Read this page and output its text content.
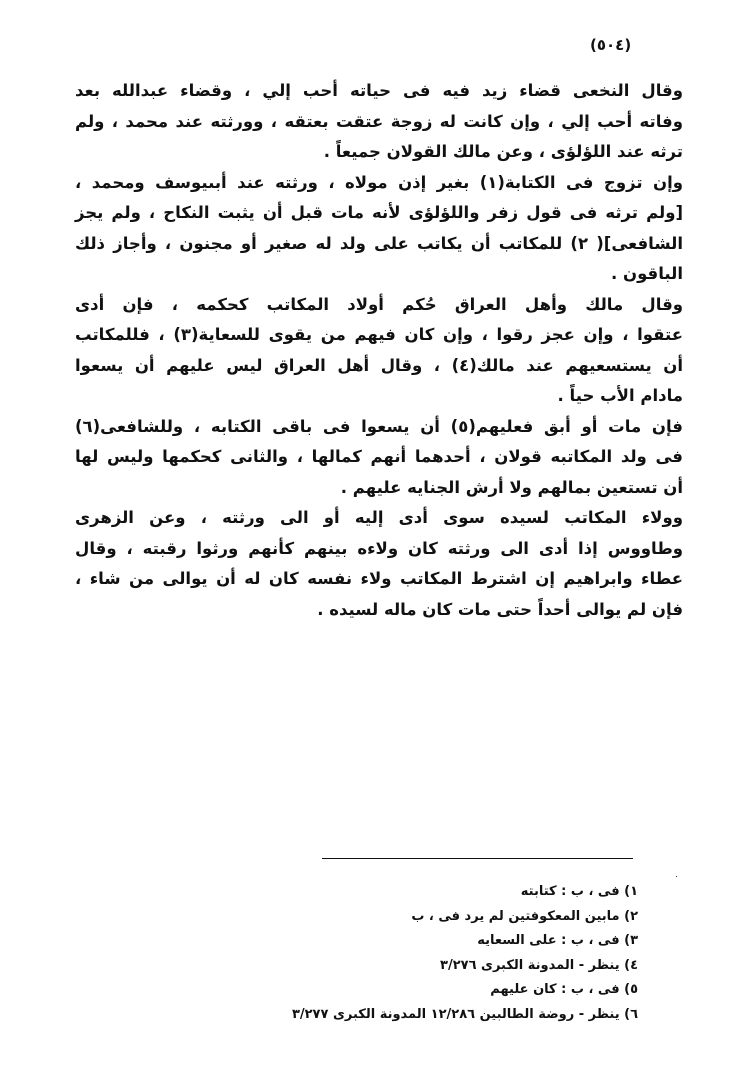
(٥٠٤)

وقال النخعى قضاء زيد فيه فى حياته أحب إلي ، وقضاء عبدالله بعد
وفاته أحب إلي ، وإن كانت له زوجة عتقت بعتقه ، وورثته عند محمد ، ولم
ترثه عند اللؤلؤى ، وعن مالك القولان جميعاً .

وإن تزوج فى الكتابة(١) بغير إذن مولاه ، ورثته عند أبىيوسف ومحمد ،
[ولم ترثه فى قول زفر واللؤلؤى لأنه مات قبل أن يثبت النكاح ، ولم يجز
الشافعى]( ٢) للمكاتب أن يكاتب على ولد له صغير أو مجنون ، وأجاز ذلك
الباقون .

وقال مالك وأهل العراق حُكم أولاد المكاتب كحكمه ، فإن أدى
عتقوا ، وإن عجز رقوا ، وإن كان فيهم من يقوى للسعاية(٣) ، فللمكاتب
أن يستسعيهم عند مالك(٤) ، وقال أهل العراق ليس عليهم أن يسعوا
مادام الأب حياً .

فإن مات أو أبق فعليهم(٥) أن يسعوا فى باقى الكتابه ، وللشافعى(٦)
فى ولد المكاتبه قولان ، أحدهما أنهم كمالها ، والثانى كحكمها وليس لها
أن تستعين بمالهم ولا أرش الجنايه عليهم .

وولاء المكاتب لسيده سوى أدى إليه أو الى ورثته ، وعن الزهرى
وطاووس إذا أدى الى ورثته كان ولاءه بينهم كأنهم ورثوا رقبته ، وقال
عطاء وابراهيم إن اشترط المكاتب ولاء نفسه كان له أن يوالى من شاء ،
فإن لم يوالى أحداً حتى مات كان ماله لسيده .

٠
١) فى ، ب : كتابته
٢) مابين المعكوفتين لم يرد فى ، ب
٣) فى ، ب : على السعايه
٤) ينظر - المدونة الكبرى ٣/٢٧٦
٥) فى ، ب : كان عليهم
٦) ينظر - روضة الطالبين ١٢/٢٨٦ المدونة الكبرى ٣/٢٧٧
